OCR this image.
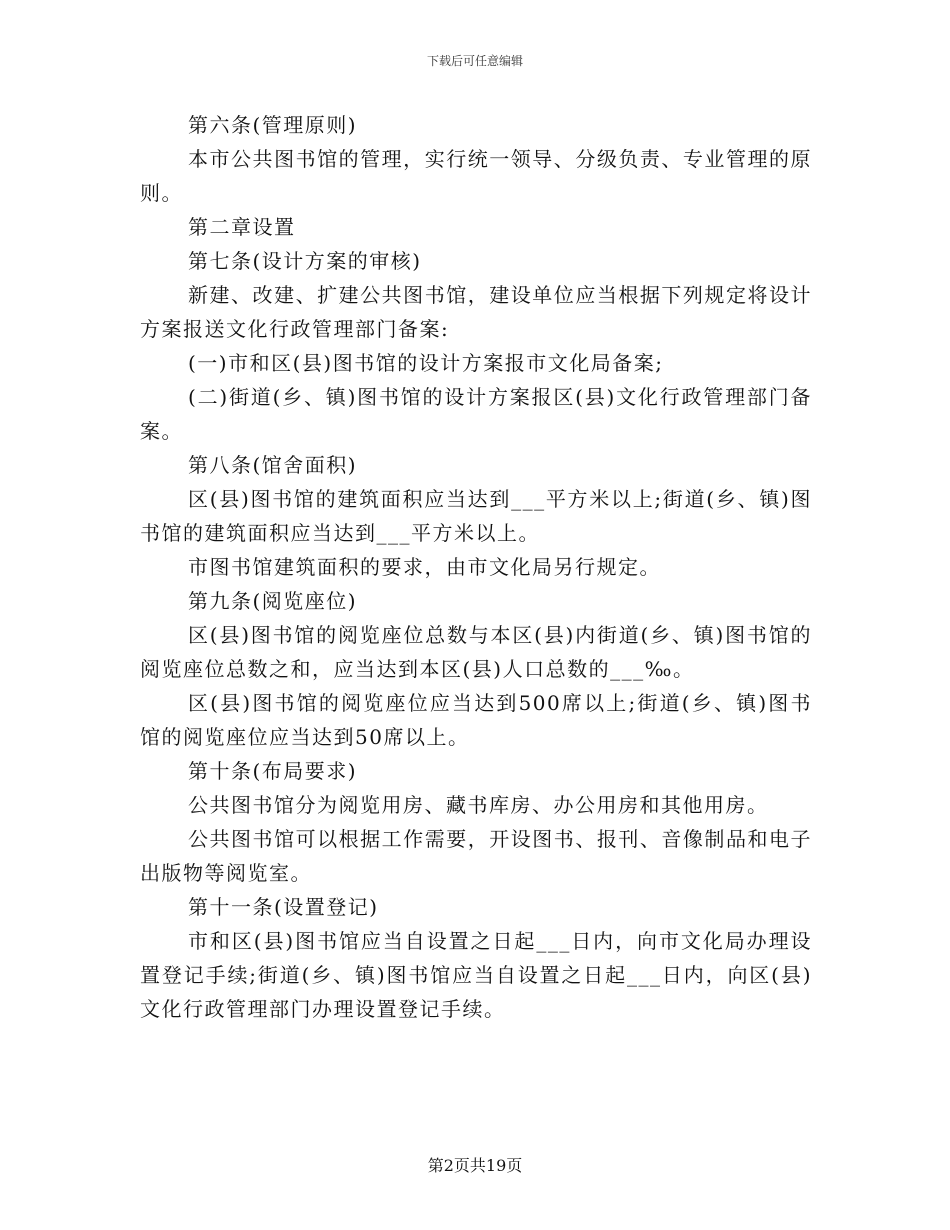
下载后可任意编辑

第六条(管理原则)

本市公共图书馆的管理，实行统一领导、分级负责、专业管理的原则。

第二章设置

第七条(设计方案的审核)

新建、改建、扩建公共图书馆，建设单位应当根据下列规定将设计方案报送文化行政管理部门备案:

(一)市和区(县)图书馆的设计方案报市文化局备案;

(二)街道(乡、镇)图书馆的设计方案报区(县)文化行政管理部门备案。

第八条(馆舍面积)

区(县)图书馆的建筑面积应当达到___平方米以上;街道(乡、镇)图书馆的建筑面积应当达到___平方米以上。

市图书馆建筑面积的要求，由市文化局另行规定。

第九条(阅览座位)

区(县)图书馆的阅览座位总数与本区(县)内街道(乡、镇)图书馆的阅览座位总数之和，应当达到本区(县)人口总数的___‰。

区(县)图书馆的阅览座位应当达到500席以上;街道(乡、镇)图书馆的阅览座位应当达到50席以上。

第十条(布局要求)

公共图书馆分为阅览用房、藏书库房、办公用房和其他用房。

公共图书馆可以根据工作需要，开设图书、报刊、音像制品和电子出版物等阅览室。

第十一条(设置登记)

市和区(县)图书馆应当自设置之日起___日内，向市文化局办理设置登记手续;街道(乡、镇)图书馆应当自设置之日起___日内，向区(县)文化行政管理部门办理设置登记手续。

第2页共19页
